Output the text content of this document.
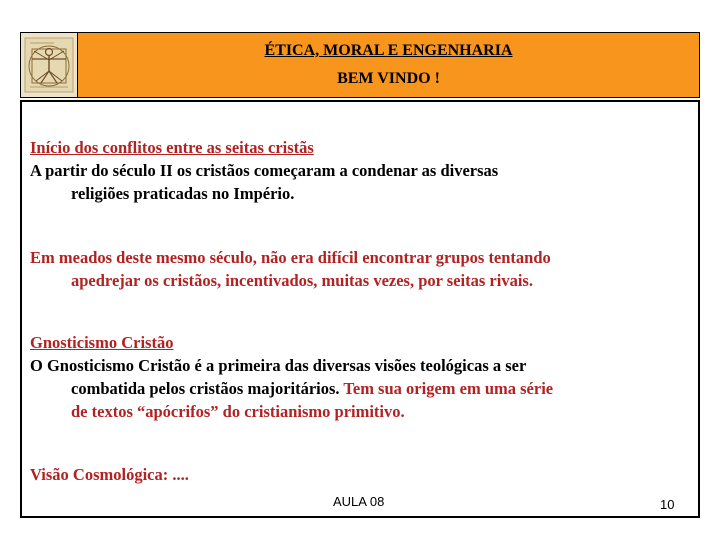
ÉTICA, MORAL E ENGENHARIA
BEM VINDO !
Início dos conflitos entre as seitas cristãs
A partir do século II os cristãos começaram a condenar as diversas
religiões praticadas no Império.
Em meados deste mesmo século, não era difícil encontrar grupos tentando
apedrejar os cristãos, incentivados, muitas vezes, por seitas rivais.
Gnosticismo Cristão
O Gnosticismo Cristão é a primeira das diversas visões teológicas a ser
combatida pelos cristãos majoritários. Tem sua origem em uma série
de textos “apócrifos” do cristianismo primitivo.
Visão Cosmológica: ....
AULA 08	10
